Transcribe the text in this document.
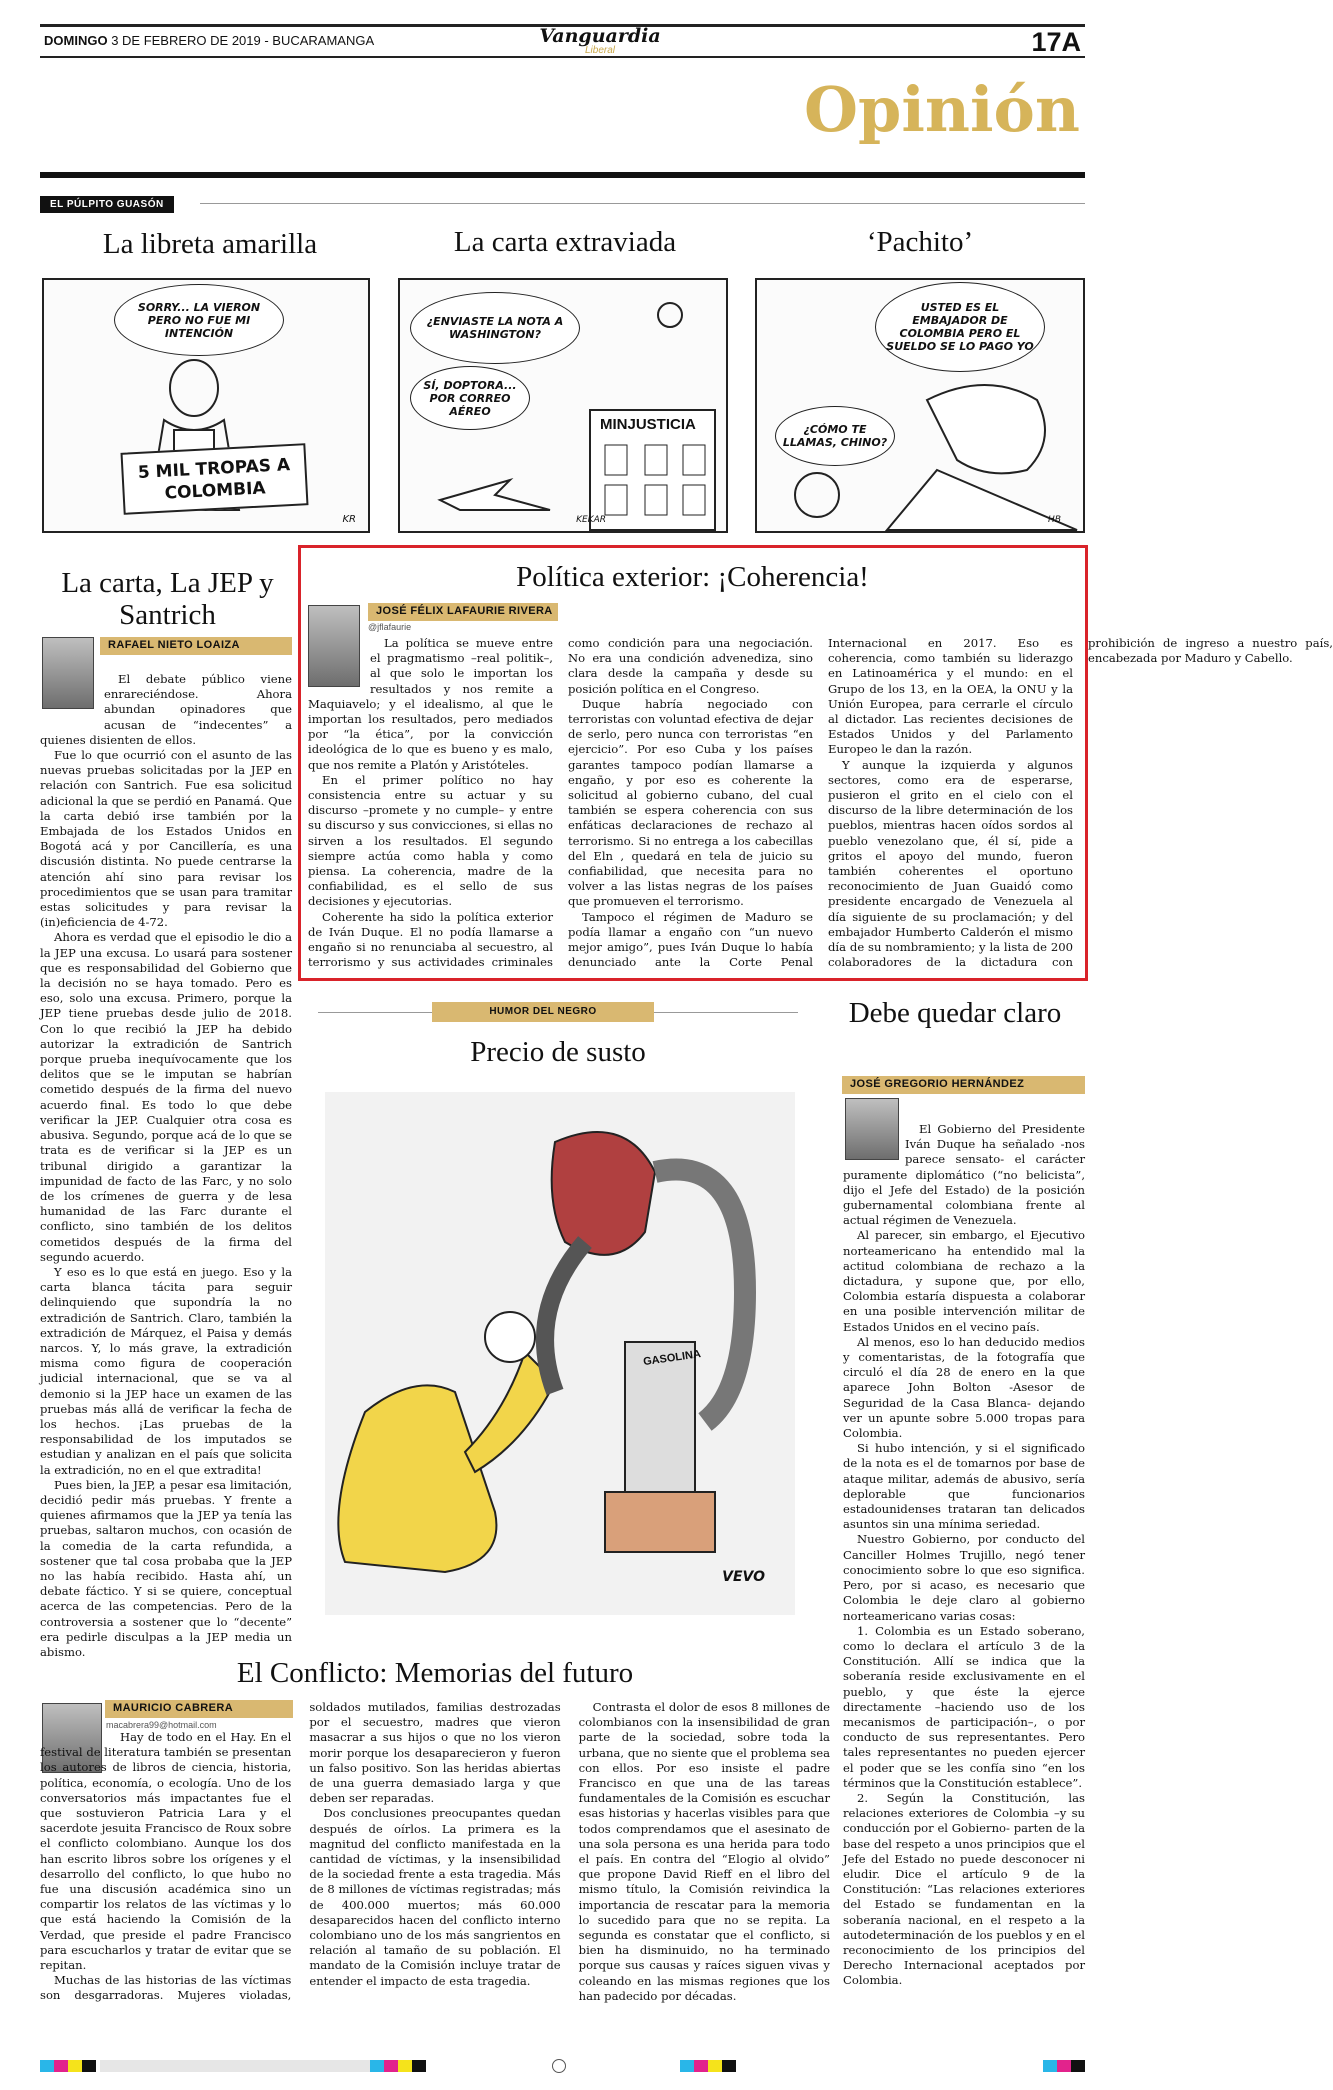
DOMINGO 3 DE FEBRERO DE 2019 - BUCARAMANGA	Vanguardia
Liberal	17A
Opinión
EL PÚLPITO GUASÓN
La libreta amarilla	La carta extraviada	‘Pachito’
SORRY... LA VIERON PERO NO FUE MI INTENCIÓN
5 MIL TROPAS A COLOMBIA
KR
¿ENVIASTE LA NOTA A WASHINGTON?
SÍ, DOPTORA... POR CORREO AÉREO
MINJUSTICIA
KEKAR
USTED ES EL EMBAJADOR DE COLOMBIA PERO EL SUELDO SE LO PAGO YO
¿CÓMO TE LLAMAS, CHINO?
HB
La carta, La JEP y Santrich
RAFAEL NIETO LOAIZA

El debate público viene enrareciéndose. Ahora abundan opinadores que acusan de “indecentes” a quienes disienten de ellos.

Fue lo que ocurrió con el asunto de las nuevas pruebas solicitadas por la JEP en relación con Santrich. Fue esa solicitud adicional la que se perdió en Panamá. Que la carta debió irse también por la Embajada de los Estados Unidos en Bogotá acá y por Cancillería, es una discusión distinta. No puede centrarse la atención ahí sino para revisar los procedimientos que se usan para tramitar estas solicitudes y para revisar la (in)eficiencia de 4-72.

Ahora es verdad que el episodio le dio a la JEP una excusa. Lo usará para sostener que es responsabilidad del Gobierno que la decisión no se haya tomado. Pero es eso, solo una excusa. Primero, porque la JEP tiene pruebas desde julio de 2018. Con lo que recibió la JEP ha debido autorizar la extradición de Santrich porque prueba inequívocamente que los delitos que se le imputan se habrían cometido después de la firma del nuevo acuerdo final. Es todo lo que debe verificar la JEP. Cualquier otra cosa es abusiva. Segundo, porque acá de lo que se trata es de verificar si la JEP es un tribunal dirigido a garantizar la impunidad de facto de las Farc, y no solo de los crímenes de guerra y de lesa humanidad de las Farc durante el conflicto, sino también de los delitos cometidos después de la firma del segundo acuerdo.

Y eso es lo que está en juego. Eso y la carta blanca tácita para seguir delinquiendo que supondría la no extradición de Santrich. Claro, también la extradición de Márquez, el Paisa y demás narcos. Y, lo más grave, la extradición misma como figura de cooperación judicial internacional, que se va al demonio si la JEP hace un examen de las pruebas más allá de verificar la fecha de los hechos. ¡Las pruebas de la responsabilidad de los imputados se estudian y analizan en el país que solicita la extradición, no en el que extradita!

Pues bien, la JEP, a pesar esa limitación, decidió pedir más pruebas. Y frente a quienes afirmamos que la JEP ya tenía las pruebas, saltaron muchos, con ocasión de la comedia de la carta refundida, a sostener que tal cosa probaba que la JEP no las había recibido. Hasta ahí, un debate fáctico. Y si se quiere, conceptual acerca de las competencias. Pero de la controversia a sostener que lo “decente” era pedirle disculpas a la JEP media un abismo.

Política exterior: ¡Coherencia!
JOSÉ FÉLIX LAFAURIE RIVERA
@jflafaurie

La política se mueve entre el pragmatismo –real politik–, al que solo le importan los resultados y nos remite a Maquiavelo; y el idealismo, al que le importan los resultados, pero mediados por “la ética”, por la convicción ideológica de lo que es bueno y es malo, que nos remite a Platón y Aristóteles.

En el primer político no hay consistencia entre su actuar y su discurso –promete y no cumple– y entre su discurso y sus convicciones, si ellas no sirven a los resultados. El segundo siempre actúa como habla y como piensa. La coherencia, madre de la confiabilidad, es el sello de sus decisiones y ejecutorias.

Coherente ha sido la política exterior de Iván Duque. El no podía llamarse a engaño si no renunciaba al secuestro, al terrorismo y sus actividades criminales como condición para una negociación. No era una condición advenediza, sino clara desde la campaña y desde su posición política en el Congreso.

Duque habría negociado con terroristas con voluntad efectiva de dejar de serlo, pero nunca con terroristas “en ejercicio”. Por eso Cuba y los países garantes tampoco podían llamarse a engaño, y por eso es coherente la solicitud al gobierno cubano, del cual también se espera coherencia con sus enfáticas declaraciones de rechazo al terrorismo. Si no entrega a los cabecillas del Eln , quedará en tela de juicio su confiabilidad, que necesita para no volver a las listas negras de los países que promueven el terrorismo.

Tampoco el régimen de Maduro se podía llamar a engaño con “un nuevo mejor amigo”, pues Iván Duque lo había denunciado ante la Corte Penal Internacional en 2017. Eso es coherencia, como también su liderazgo en Latinoamérica y el mundo: en el Grupo de los 13, en la OEA, la ONU y la Unión Europea, para cerrarle el círculo al dictador. Las recientes decisiones de Estados Unidos y del Parlamento Europeo le dan la razón.

Y aunque la izquierda y algunos sectores, como era de esperarse, pusieron el grito en el cielo con el discurso de la libre determinación de los pueblos, mientras hacen oídos sordos al pueblo venezolano que, él sí, pide a gritos el apoyo del mundo, fueron también coherentes el oportuno reconocimiento de Juan Guaidó como presidente encargado de Venezuela al día siguiente de su proclamación; y del embajador Humberto Calderón el mismo día de su nombramiento; y la lista de 200 colaboradores de la dictadura con prohibición de ingreso a nuestro país, encabezada por Maduro y Cabello.

HUMOR DEL NEGRO
Precio de susto
GASOLINA
VEVO
Debe quedar claro
JOSÉ GREGORIO HERNÁNDEZ

El Gobierno del Presidente Iván Duque ha señalado -nos parece sensato- el carácter puramente diplomático (“no belicista”, dijo el Jefe del Estado) de la posición gubernamental colombiana frente al actual régimen de Venezuela.

Al parecer, sin embargo, el Ejecutivo norteamericano ha entendido mal la actitud colombiana de rechazo a la dictadura, y supone que, por ello, Colombia estaría dispuesta a colaborar en una posible intervención militar de Estados Unidos en el vecino país.

Al menos, eso lo han deducido medios y comentaristas, de la fotografía que circuló el día 28 de enero en la que aparece John Bolton -Asesor de Seguridad de la Casa Blanca- dejando ver un apunte sobre 5.000 tropas para Colombia.

Si hubo intención, y si el significado de la nota es el de tomarnos por base de ataque militar, además de abusivo, sería deplorable que funcionarios estadounidenses trataran tan delicados asuntos sin una mínima seriedad.

Nuestro Gobierno, por conducto del Canciller Holmes Trujillo, negó tener conocimiento sobre lo que eso significa. Pero, por si acaso, es necesario que Colombia le deje claro al gobierno norteamericano varias cosas:

1. Colombia es un Estado soberano, como lo declara el artículo 3 de la Constitución. Allí se indica que la soberanía reside exclusivamente en el pueblo, y que éste la ejerce directamente –haciendo uso de los mecanismos de participación–, o por conducto de sus representantes. Pero tales representantes no pueden ejercer el poder que se les confía sino “en los términos que la Constitución establece”.

2. Según la Constitución, las relaciones exteriores de Colombia –y su conducción por el Gobierno- parten de la base del respeto a unos principios que el Jefe del Estado no puede desconocer ni eludir. Dice el artículo 9 de la Constitución: “Las relaciones exteriores del Estado se fundamentan en la soberanía nacional, en el respeto a la autodeterminación de los pueblos y en el reconocimiento de los principios del Derecho Internacional aceptados por Colombia.

El Conflicto: Memorias del futuro
MAURICIO CABRERA
macabrera99@hotmail.com

Hay de todo en el Hay. En el festival de literatura también se presentan los autores de libros de ciencia, historia, política, economía, o ecología. Uno de los conversatorios más impactantes fue el que sostuvieron Patricia Lara y el sacerdote jesuita Francisco de Roux sobre el conflicto colombiano. Aunque los dos han escrito libros sobre los orígenes y el desarrollo del conflicto, lo que hubo no fue una discusión académica sino un compartir los relatos de las víctimas y lo que está haciendo la Comisión de la Verdad, que preside el padre Francisco para escucharlos y tratar de evitar que se repitan.

Muchas de las historias de las víctimas son desgarradoras. Mujeres violadas, soldados mutilados, familias destrozadas por el secuestro, madres que vieron masacrar a sus hijos o que no los vieron morir porque los desaparecieron y fueron un falso positivo. Son las heridas abiertas de una guerra demasiado larga y que deben ser reparadas.

Dos conclusiones preocupantes quedan después de oírlos. La primera es la magnitud del conflicto manifestada en la cantidad de víctimas, y la insensibilidad de la sociedad frente a esta tragedia. Más de 8 millones de víctimas registradas; más de 400.000 muertos; más 60.000 desaparecidos hacen del conflicto interno colombiano uno de los más sangrientos en relación al tamaño de su población. El mandato de la Comisión incluye tratar de entender el impacto de esta tragedia.

Contrasta el dolor de esos 8 millones de colombianos con la insensibilidad de gran parte de la sociedad, sobre toda la urbana, que no siente que el problema sea con ellos. Por eso insiste el padre Francisco en que una de las tareas fundamentales de la Comisión es escuchar esas historias y hacerlas visibles para que todos comprendamos que el asesinato de una sola persona es una herida para todo el país. En contra del “Elogio al olvido” que propone David Rieff en el libro del mismo título, la Comisión reivindica la importancia de rescatar para la memoria lo sucedido para que no se repita. La segunda es constatar que el conflicto, si bien ha disminuido, no ha terminado porque sus causas y raíces siguen vivas y coleando en las mismas regiones que los han padecido por décadas.
